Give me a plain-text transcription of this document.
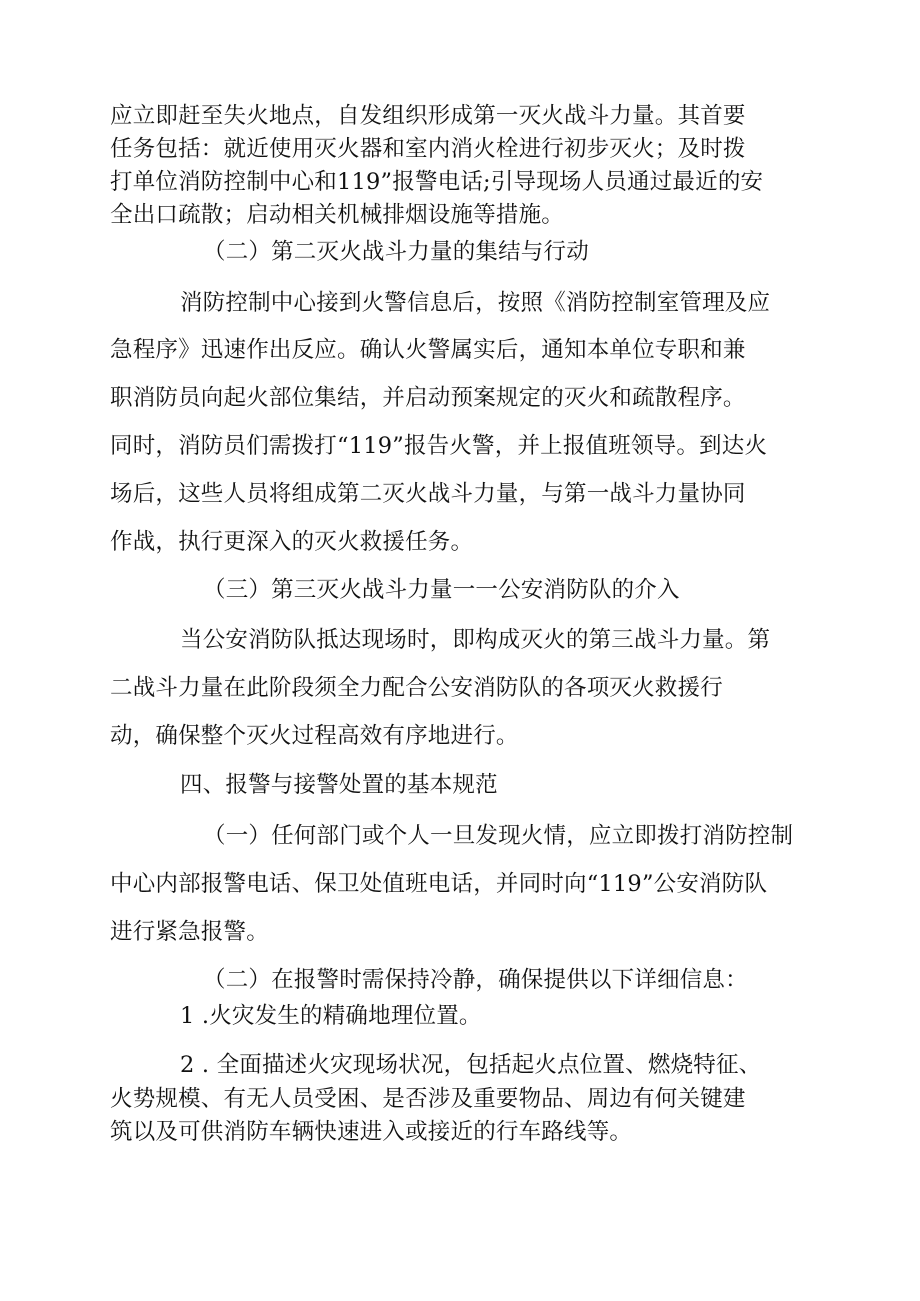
应立即赶至失火地点，自发组织形成第一灭火战斗力量。其首要
任务包括：就近使用灭火器和室内消火栓进行初步灭火；及时拨
打单位消防控制中心和119”报警电话;引导现场人员通过最近的安
全出口疏散；启动相关机械排烟设施等措施。
（二）第二灭火战斗力量的集结与行动
消防控制中心接到火警信息后，按照《消防控制室管理及应
急程序》迅速作出反应。确认火警属实后，通知本单位专职和兼
职消防员向起火部位集结，并启动预案规定的灭火和疏散程序。
同时，消防员们需拨打“119”报告火警，并上报值班领导。到达火
场后，这些人员将组成第二灭火战斗力量，与第一战斗力量协同
作战，执行更深入的灭火救援任务。
（三）第三灭火战斗力量一一公安消防队的介入
当公安消防队抵达现场时，即构成灭火的第三战斗力量。第
二战斗力量在此阶段须全力配合公安消防队的各项灭火救援行
动，确保整个灭火过程高效有序地进行。
四、报警与接警处置的基本规范
（一）任何部门或个人一旦发现火情，应立即拨打消防控制
中心内部报警电话、保卫处值班电话，并同时向“119”公安消防队
进行紧急报警。
（二）在报警时需保持冷静，确保提供以下详细信息：
1 .火灾发生的精确地理位置。
2 . 全面描述火灾现场状况，包括起火点位置、燃烧特征、
火势规模、有无人员受困、是否涉及重要物品、周边有何关键建
筑以及可供消防车辆快速进入或接近的行车路线等。
